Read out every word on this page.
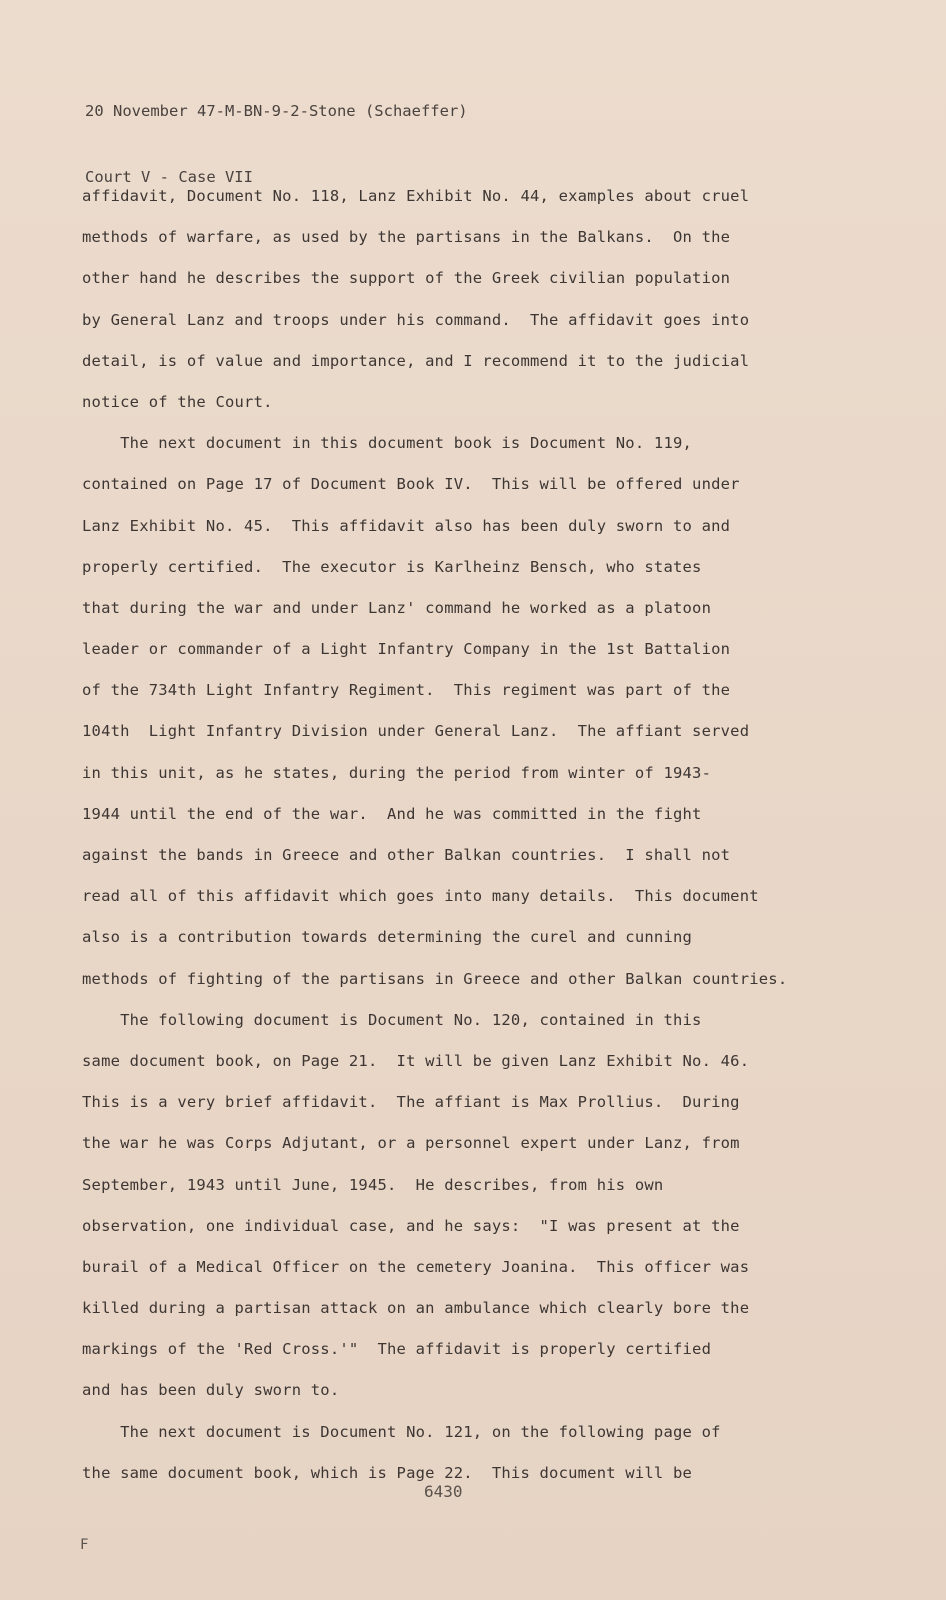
20 November 47-M-BN-9-2-Stone (Schaeffer)

Court V - Case VII

affidavit, Document No. 118, Lanz Exhibit No. 44, examples about cruel
methods of warfare, as used by the partisans in the Balkans.  On the
other hand he describes the support of the Greek civilian population
by General Lanz and troops under his command.  The affidavit goes into
detail, is of value and importance, and I recommend it to the judicial
notice of the Court.
The next document in this document book is Document No. 119,
contained on Page 17 of Document Book IV.  This will be offered under
Lanz Exhibit No. 45.  This affidavit also has been duly sworn to and
properly certified.  The executor is Karlheinz Bensch, who states
that during the war and under Lanz' command he worked as a platoon
leader or commander of a Light Infantry Company in the 1st Battalion
of the 734th Light Infantry Regiment.  This regiment was part of the
104th  Light Infantry Division under General Lanz.  The affiant served
in this unit, as he states, during the period from winter of 1943-
1944 until the end of the war.  And he was committed in the fight
against the bands in Greece and other Balkan countries.  I shall not
read all of this affidavit which goes into many details.  This document
also is a contribution towards determining the curel and cunning
methods of fighting of the partisans in Greece and other Balkan countries.
The following document is Document No. 120, contained in this
same document book, on Page 21.  It will be given Lanz Exhibit No. 46.
This is a very brief affidavit.  The affiant is Max Prollius.  During
the war he was Corps Adjutant, or a personnel expert under Lanz, from
September, 1943 until June, 1945.  He describes, from his own
observation, one individual case, and he says:  "I was present at the
burail of a Medical Officer on the cemetery Joanina.  This officer was
killed during a partisan attack on an ambulance which clearly bore the
markings of the 'Red Cross.'"  The affidavit is properly certified
and has been duly sworn to.
The next document is Document No. 121, on the following page of
the same document book, which is Page 22.  This document will be
6430
F
